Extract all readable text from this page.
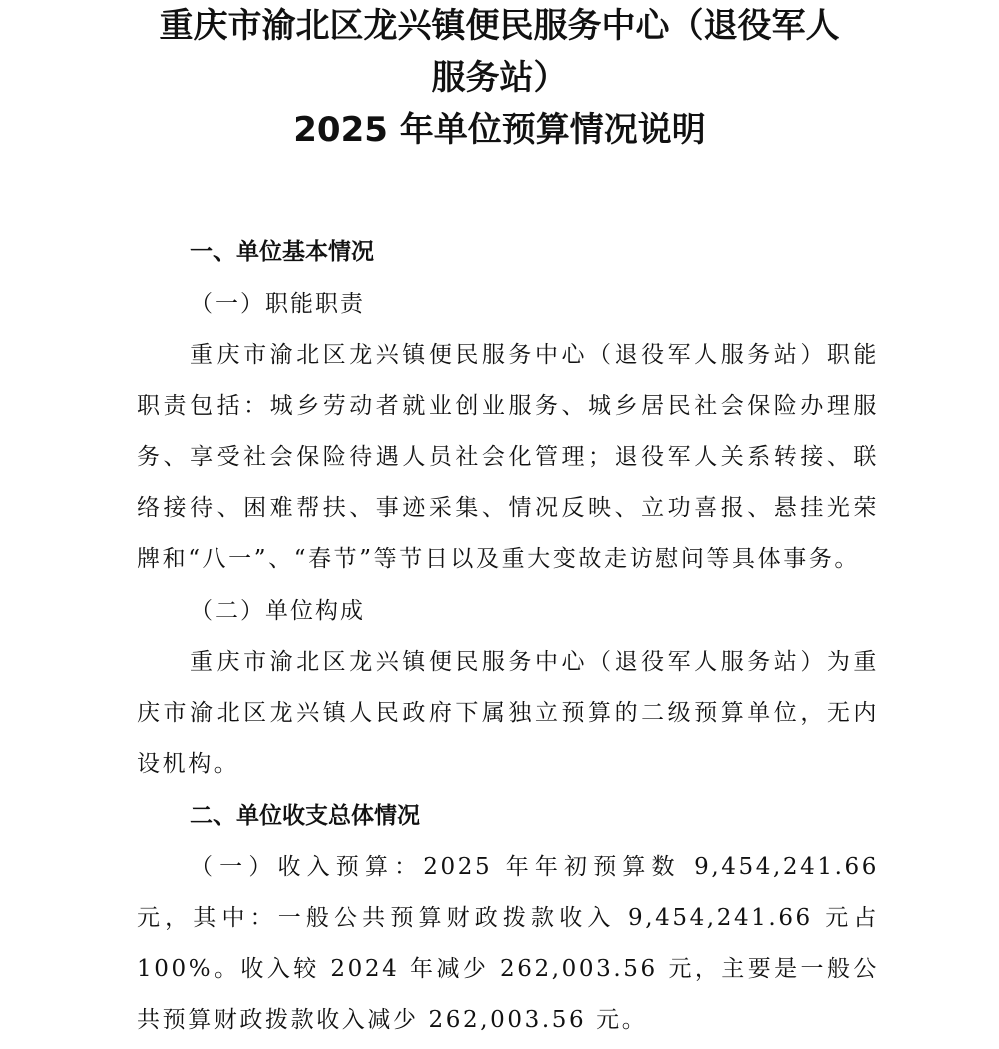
重庆市渝北区龙兴镇便民服务中心（退役军人

服务站）

2025 年单位预算情况说明

一、单位基本情况

（一）职能职责

重庆市渝北区龙兴镇便民服务中心（退役军人服务站）职能职责包括：城乡劳动者就业创业服务、城乡居民社会保险办理服务、享受社会保险待遇人员社会化管理；退役军人关系转接、联络接待、困难帮扶、事迹采集、情况反映、立功喜报、悬挂光荣牌和“八一”、“春节”等节日以及重大变故走访慰问等具体事务。

（二）单位构成

重庆市渝北区龙兴镇便民服务中心（退役军人服务站）为重庆市渝北区龙兴镇人民政府下属独立预算的二级预算单位，无内设机构。

二、单位收支总体情况

（一）收入预算：2025 年年初预算数 9,454,241.66 元，其中：一般公共预算财政拨款收入 9,454,241.66 元占 100%。收入较 2024 年减少 262,003.56 元，主要是一般公共预算财政拨款收入减少 262,003.56 元。
